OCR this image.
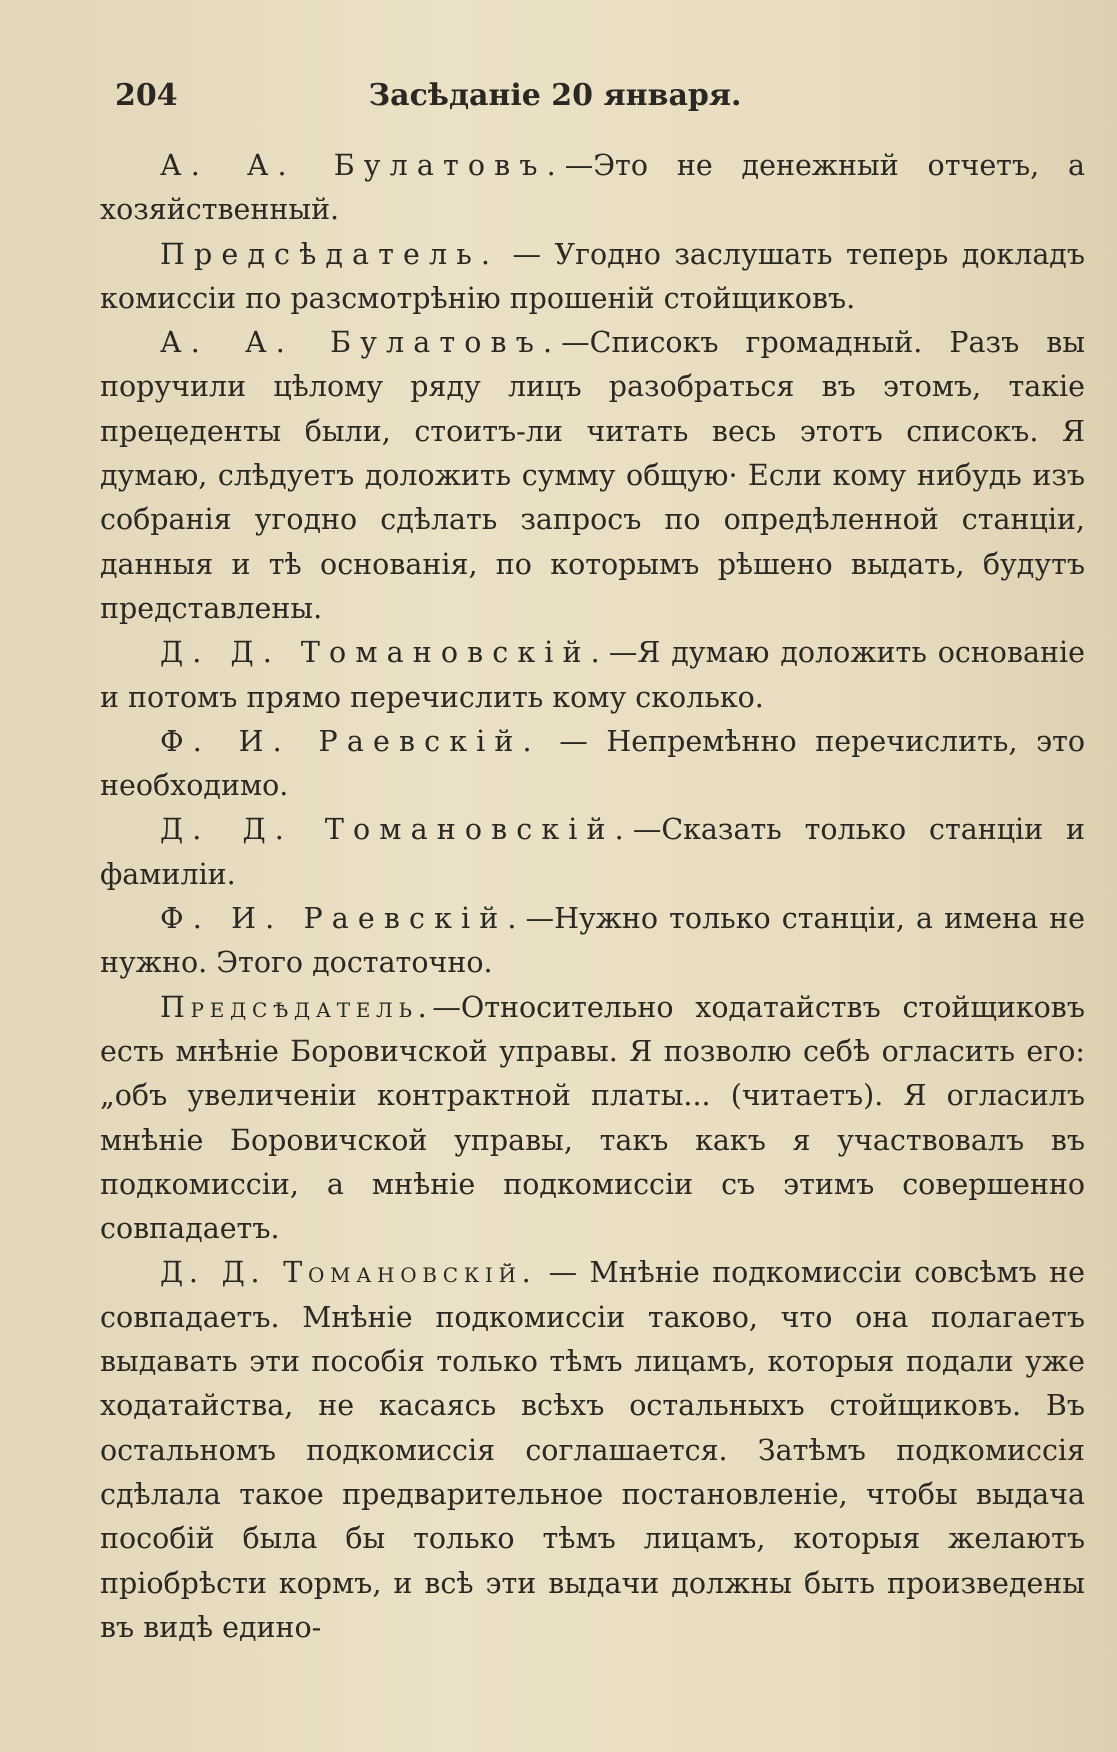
204	Засѣданіе 20 января.

А. А. Булатовъ.—Это не денежный отчетъ, а хозяйственный.

Предсѣдатель. — Угодно заслушать теперь докладъ комиссіи по разсмотрѣнію прошеній стойщиковъ.

А. А. Булатовъ.—Списокъ громадный. Разъ вы поручили цѣлому ряду лицъ разобраться въ этомъ, такіе прецеденты были, стоитъ-ли читать весь этотъ списокъ. Я думаю, слѣдуетъ доложить сумму общую· Если кому нибудь изъ собранія угодно сдѣлать запросъ по опредѣленной станціи, данныя и тѣ основанія, по которымъ рѣшено выдать, будутъ представлены.

Д. Д. Томановскій.—Я думаю доложить основаніе и потомъ прямо перечислить кому сколько.

Ф. И. Раевскій. — Непремѣнно перечислить, это необходимо.

Д. Д. Томановскій.—Сказать только станціи и фамиліи.

Ф. И. Раевскій.—Нужно только станціи, а имена не нужно. Этого достаточно.

Предсѣдатель.—Относительно ходатайствъ стойщиковъ есть мнѣніе Боровичской управы. Я позволю себѣ огласить его: „объ увеличеніи контрактной платы... (читаетъ). Я огласилъ мнѣніе Боровичской управы, такъ какъ я участвовалъ въ подкомиссіи, а мнѣніе подкомиссіи съ этимъ совершенно совпадаетъ.

Д. Д. Томановскій. — Мнѣніе подкомиссіи совсѣмъ не совпадаетъ. Мнѣніе подкомиссіи таково, что она полагаетъ выдавать эти пособія только тѣмъ лицамъ, которыя подали уже ходатайства, не касаясь всѣхъ остальныхъ стойщиковъ. Въ остальномъ подкомиссія соглашается. Затѣмъ подкомиссія сдѣлала такое предварительное постановленіе, чтобы выдача пособій была бы только тѣмъ лицамъ, которыя желаютъ пріобрѣсти кормъ, и всѣ эти выдачи должны быть произведены въ видѣ едино-
